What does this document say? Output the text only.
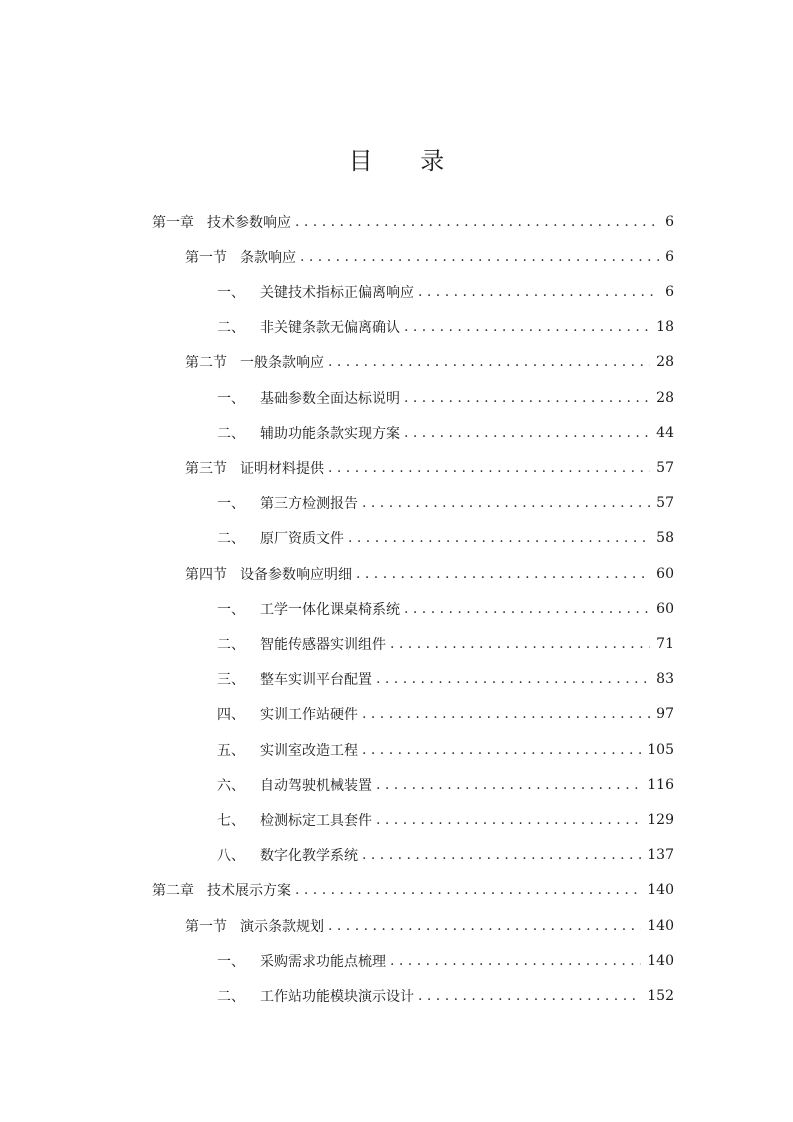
目 录
第一章 技术参数响应 . . .	6
第一节 条款响应 . . .	6
一、	关键技术指标正偏离响应 . . .	6
二、	非关键条款无偏离确认 . . .	18
第二节 一般条款响应 . . .	28
一、	基础参数全面达标说明 . . .	28
二、	辅助功能条款实现方案 . . .	44
第三节 证明材料提供 . . .	57
一、	第三方检测报告 . . .	57
二、	原厂资质文件 . . .	58
第四节 设备参数响应明细 . . .	60
一、	工学一体化课桌椅系统 . . .	60
二、	智能传感器实训组件 . . .	71
三、	整车实训平台配置 . . .	83
四、	实训工作站硬件 . . .	97
五、	实训室改造工程 . . .	105
六、	自动驾驶机械装置 . . .	116
七、	检测标定工具套件 . . .	129
八、	数字化教学系统 . . .	137
第二章 技术展示方案 . . .	140
第一节 演示条款规划 . . .	140
一、	采购需求功能点梳理 . . .	140
二、	工作站功能模块演示设计 . . .	152
